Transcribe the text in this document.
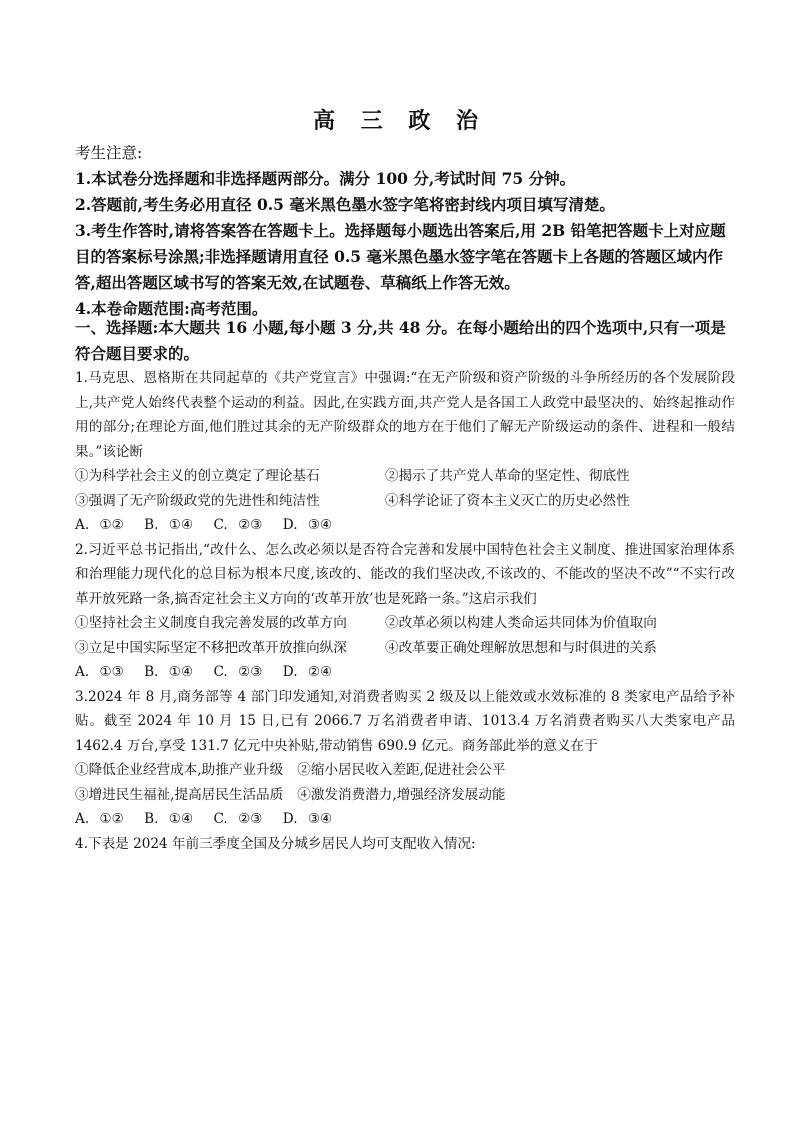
高 三 政 治
考生注意:

1.本试卷分选择题和非选择题两部分。满分 100 分,考试时间 75 分钟。

2.答题前,考生务必用直径 0.5 毫米黑色墨水签字笔将密封线内项目填写清楚。

3.考生作答时,请将答案答在答题卡上。选择题每小题选出答案后,用 2B 铅笔把答题卡上对应题目的答案标号涂黑;非选择题请用直径 0.5 毫米黑色墨水签字笔在答题卡上各题的答题区域内作答,超出答题区域书写的答案无效,在试题卷、草稿纸上作答无效。

4.本卷命题范围:高考范围。

一、选择题:本大题共 16 小题,每小题 3 分,共 48 分。在每小题给出的四个选项中,只有一项是符合题目要求的。

1.马克思、恩格斯在共同起草的《共产党宣言》中强调:“在无产阶级和资产阶级的斗争所经历的各个发展阶段上,共产党人始终代表整个运动的利益。因此,在实践方面,共产党人是各国工人政党中最坚决的、始终起推动作用的部分;在理论方面,他们胜过其余的无产阶级群众的地方在于他们了解无产阶级运动的条件、进程和一般结果。”该论断

①为科学社会主义的创立奠定了理论基石	②揭示了共产党人革命的坚定性、彻底性
③强调了无产阶级政党的先进性和纯洁性	④科学论证了资本主义灭亡的历史必然性

A. ①② B. ①④ C. ②③ D. ③④

2.习近平总书记指出,“改什么、怎么改必须以是否符合完善和发展中国特色社会主义制度、推进国家治理体系和治理能力现代化的总目标为根本尺度,该改的、能改的我们坚决改,不该改的、不能改的坚决不改”“不实行改革开放死路一条,搞否定社会主义方向的‘改革开放’也是死路一条。”这启示我们

①坚持社会主义制度自我完善发展的改革方向	②改革必须以构建人类命运共同体为价值取向
③立足中国实际坚定不移把改革开放推向纵深	④改革要正确处理解放思想和与时俱进的关系

A. ①③ B. ①④ C. ②③ D. ②④

3.2024 年 8 月,商务部等 4 部门印发通知,对消费者购买 2 级及以上能效或水效标准的 8 类家电产品给予补贴。截至 2024 年 10 月 15 日,已有 2066.7 万名消费者申请、1013.4 万名消费者购买八大类家电产品 1462.4 万台,享受 131.7 亿元中央补贴,带动销售 690.9 亿元。商务部此举的意义在于

①降低企业经营成本,助推产业升级 ②缩小居民收入差距,促进社会公平
③增进民生福祉,提高居民生活品质 ④激发消费潜力,增强经济发展动能

A. ①② B. ①④ C. ②③ D. ③④

4.下表是 2024 年前三季度全国及分城乡居民人均可支配收入情况:
